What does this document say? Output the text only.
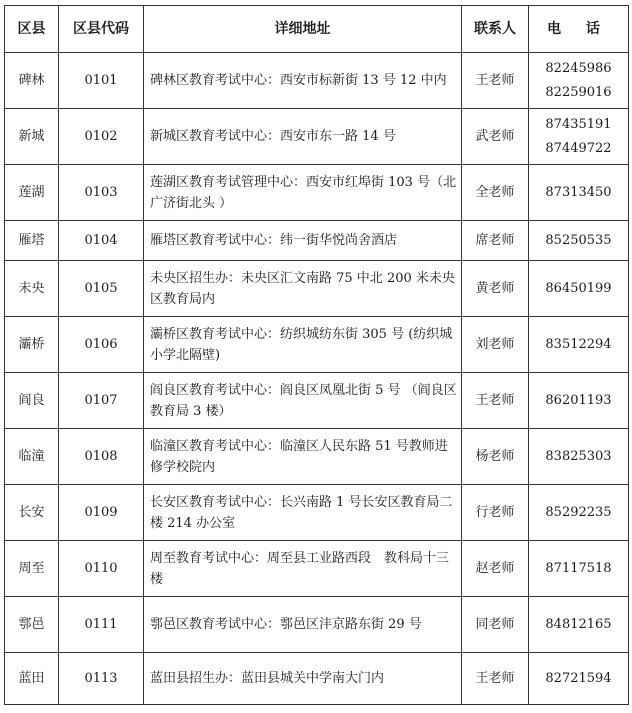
区县	区县代码	详细地址	联系人	电 话
碑林	0101	碑林区教育考试中心：西安市标新街 13 号 12 中内	王老师	82245986
82259016

新城	0102	新城区教育考试中心：西安市东一路 14 号	武老师	87435191
87449722

莲湖	0103	莲湖区教育考试管理中心：西安市红埠街 103 号（北广济街北头 ）	全老师	87313450

雁塔	0104	雁塔区教育考试中心：纬一街华悦尚舍酒店	席老师	85250535

未央	0105	未央区招生办：未央区汇文南路 75 中北 200 米未央区教育局内	黄老师	86450199

灞桥	0106	灞桥区教育考试中心：纺织城纺东街 305 号 (纺织城小学北隔壁)	刘老师	83512294

阎良	0107	阎良区教育考试中心：阎良区凤凰北街 5 号 （阎良区教育局 3 楼）	王老师	86201193

临潼	0108	临潼区教育考试中心：临潼区人民东路 51 号教师进修学校院内	杨老师	83825303

长安	0109	长安区教育考试中心：长兴南路 1 号长安区教育局二楼 214 办公室	行老师	85292235

周至	0110	周至教育考试中心：周至县工业路西段　教科局十三楼	赵老师	87117518

鄠邑	0111	鄠邑区教育考试中心：鄠邑区沣京路东街 29 号	同老师	84812165

蓝田	0113	蓝田县招生办：蓝田县城关中学南大门内	王老师	82721594
